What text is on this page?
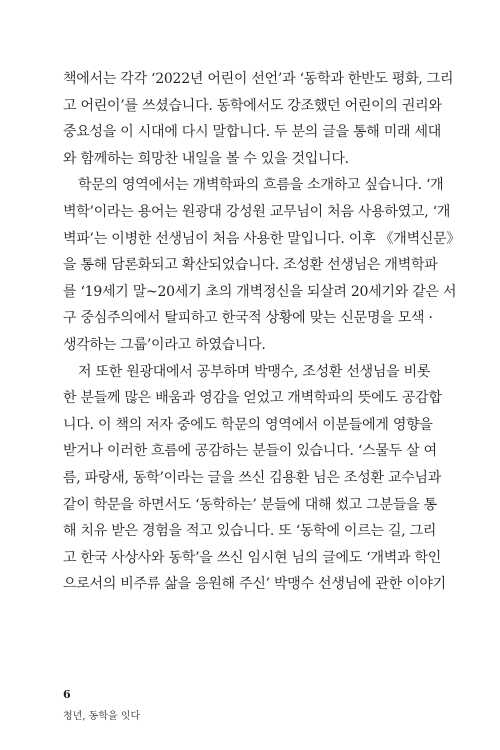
책에서는 각각 ‘2022년 어린이 선언’과 ‘동학과 한반도 평화, 그리
고 어린이’를 쓰셨습니다. 동학에서도 강조했던 어린이의 권리와
중요성을 이 시대에 다시 말합니다. 두 분의 글을 통해 미래 세대
와 함께하는 희망찬 내일을 볼 수 있을 것입니다.
학문의 영역에서는 개벽학파의 흐름을 소개하고 싶습니다. ‘개
벽학’이라는 용어는 원광대 강성원 교무님이 처음 사용하였고, ‘개
벽파’는 이병한 선생님이 처음 사용한 말입니다. 이후 《개벽신문》
을 통해 담론화되고 확산되었습니다. 조성환 선생님은 개벽학파
를 ‘19세기 말~20세기 초의 개벽정신을 되살려 20세기와 같은 서
구 중심주의에서 탈피하고 한국적 상황에 맞는 신문명을 모색 ·
생각하는 그룹’이라고 하였습니다.
저 또한 원광대에서 공부하며 박맹수, 조성환 선생님을 비롯
한 분들께 많은 배움과 영감을 얻었고 개벽학파의 뜻에도 공감합
니다. 이 책의 저자 중에도 학문의 영역에서 이분들에게 영향을
받거나 이러한 흐름에 공감하는 분들이 있습니다. ‘스물두 살 여
름, 파랑새, 동학’이라는 글을 쓰신 김용환 님은 조성환 교수님과
같이 학문을 하면서도 ‘동학하는’ 분들에 대해 썼고 그분들을 통
해 치유 받은 경험을 적고 있습니다. 또 ‘동학에 이르는 길, 그리
고 한국 사상사와 동학’을 쓰신 임시현 님의 글에도 ‘개벽과 학인
으로서의 비주류 삶을 응원해 주신’ 박맹수 선생님에 관한 이야기
6
청년, 동학을 잇다
